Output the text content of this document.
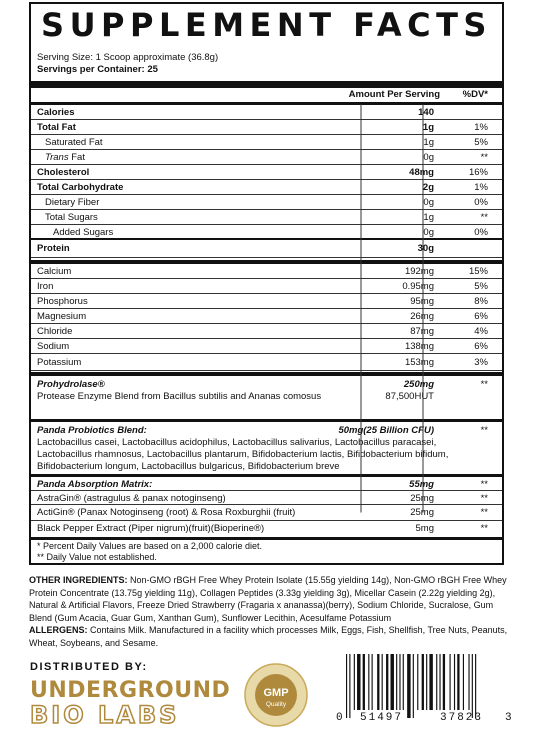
SUPPLEMENT FACTS
Serving Size: 1 Scoop approximate (36.8g)
Servings per Container: 25
Amount Per Serving %DV*
Calories	140
Total Fat	1g	1%
Saturated Fat	1g	5%
Trans Fat	0g	**
Cholesterol	48mg	16%
Total Carbohydrate	2g	1%
Dietary Fiber	0g	0%
Total Sugars	1g	**
Added Sugars	0g	0%
Protein	30g
Calcium	192mg	15%
Iron	0.95mg	5%
Phosphorus	95mg	8%
Magnesium	26mg	6%
Chloride	87mg	4%
Sodium	138mg	6%
Potassium	153mg	3%
Prohydrolase®	250mg	**
Protease Enzyme Blend from Bacillus subtilis and Ananas comosus	87,500HUT
Panda Probiotics Blend:	50mg(25 Billion CFU)	**
Lactobacillus casei, Lactobacillus acidophilus, Lactobacillus salivarius, Lactobacillus paracasei,
Lactobacillus rhamnosus, Lactobacillus plantarum, Bifidobacterium lactis, Bifidobacterium bifidum,
Bifidobacterium longum, Lactobacillus bulgaricus, Bifidobacterium breve
Panda Absorption Matrix:	55mg	**
AstraGin® (astragulus & panax notoginseng)	25mg	**
ActiGin® (Panax Notoginseng (root) & Rosa Roxburghii (fruit)	25mg	**
Black Pepper Extract (Piper nigrum)(fruit)(Bioperine®)	5mg	**
* Percent Daily Values are based on a 2,000 calorie diet.
** Daily Value not established.
OTHER INGREDIENTS: Non-GMO rBGH Free Whey Protein Isolate (15.55g yielding 14g), Non-GMO rBGH Free Whey Protein Concentrate (13.75g yielding 11g), Collagen Peptides (3.33g yielding 3g), Micellar Casein (2.22g yielding 2g), Natural & Artificial Flavors, Freeze Dried Strawberry (Fragaria x ananassa)(berry), Sodium Chloride, Sucralose, Gum Blend (Gum Acacia, Guar Gum, Xanthan Gum), Sunflower Lecithin, Acesulfame Potassium
ALLERGENS: Contains Milk. Manufactured in a facility which processes Milk, Eggs, Fish, Shellfish, Tree Nuts, Peanuts, Wheat, Soybeans, and Sesame.
DISTRIBUTED BY:
UNDERGROUND
BIO LABS
GMP
Quality
0 51497	37823 3
